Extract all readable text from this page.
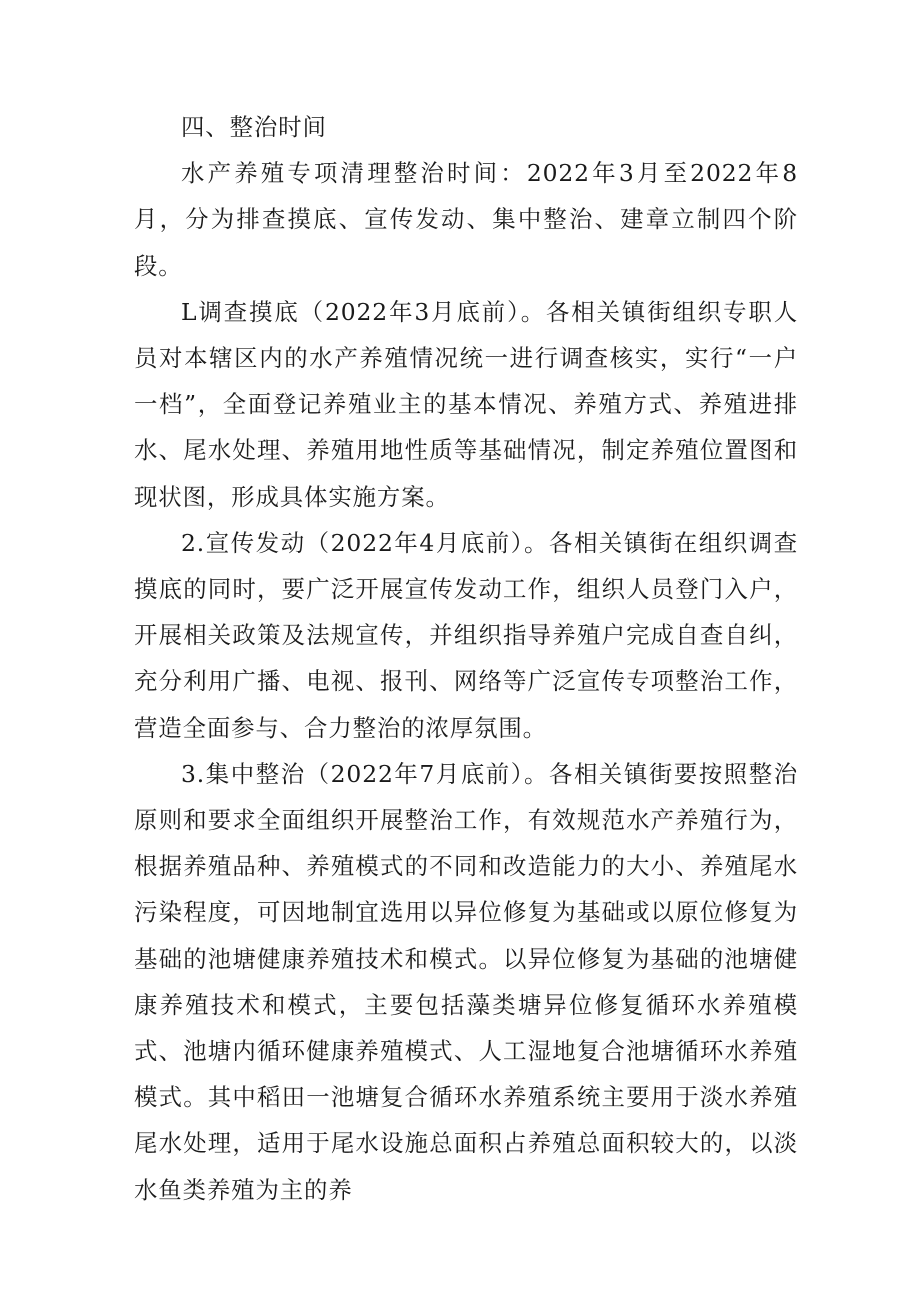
四、整治时间

水产养殖专项清理整治时间：2022年3月至2022年8月，分为排查摸底、宣传发动、集中整治、建章立制四个阶段。

L调查摸底（2022年3月底前）。各相关镇街组织专职人员对本辖区内的水产养殖情况统一进行调查核实，实行“一户一档”，全面登记养殖业主的基本情况、养殖方式、养殖进排水、尾水处理、养殖用地性质等基础情况，制定养殖位置图和现状图，形成具体实施方案。

2.宣传发动（2022年4月底前）。各相关镇街在组织调查摸底的同时，要广泛开展宣传发动工作，组织人员登门入户，开展相关政策及法规宣传，并组织指导养殖户完成自查自纠，充分利用广播、电视、报刊、网络等广泛宣传专项整治工作，营造全面参与、合力整治的浓厚氛围。

3.集中整治（2022年7月底前）。各相关镇街要按照整治原则和要求全面组织开展整治工作，有效规范水产养殖行为，根据养殖品种、养殖模式的不同和改造能力的大小、养殖尾水污染程度，可因地制宜选用以异位修复为基础或以原位修复为基础的池塘健康养殖技术和模式。以异位修复为基础的池塘健康养殖技术和模式，主要包括藻类塘异位修复循环水养殖模式、池塘内循环健康养殖模式、人工湿地复合池塘循环水养殖模式。其中稻田一池塘复合循环水养殖系统主要用于淡水养殖尾水处理，适用于尾水设施总面积占养殖总面积较大的，以淡水鱼类养殖为主的养
